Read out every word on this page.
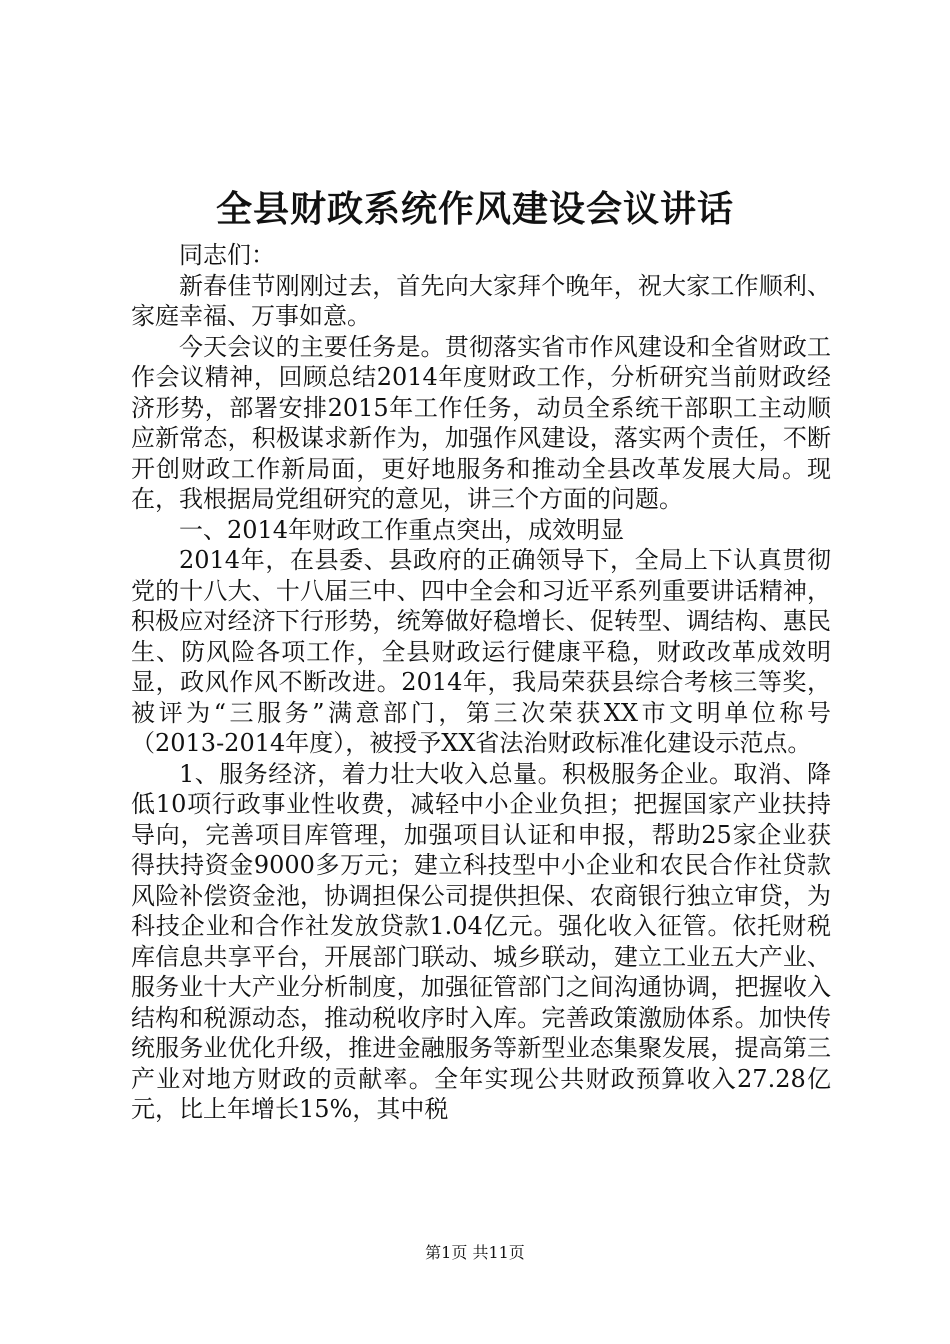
全县财政系统作风建设会议讲话

同志们：

新春佳节刚刚过去，首先向大家拜个晚年，祝大家工作顺利、家庭幸福、万事如意。

今天会议的主要任务是。贯彻落实省市作风建设和全省财政工作会议精神，回顾总结2014年度财政工作，分析研究当前财政经济形势，部署安排2015年工作任务，动员全系统干部职工主动顺应新常态，积极谋求新作为，加强作风建设，落实两个责任，不断开创财政工作新局面，更好地服务和推动全县改革发展大局。现在，我根据局党组研究的意见，讲三个方面的问题。

一、2014年财政工作重点突出，成效明显

2014年，在县委、县政府的正确领导下，全局上下认真贯彻党的十八大、十八届三中、四中全会和习近平系列重要讲话精神，积极应对经济下行形势，统筹做好稳增长、促转型、调结构、惠民生、防风险各项工作，全县财政运行健康平稳，财政改革成效明显，政风作风不断改进。2014年，我局荣获县综合考核三等奖，被评为“三服务”满意部门，第三次荣获XX市文明单位称号（2013-2014年度），被授予XX省法治财政标准化建设示范点。

1、服务经济，着力壮大收入总量。积极服务企业。取消、降低10项行政事业性收费，减轻中小企业负担；把握国家产业扶持导向，完善项目库管理，加强项目认证和申报，帮助25家企业获得扶持资金9000多万元；建立科技型中小企业和农民合作社贷款风险补偿资金池，协调担保公司提供担保、农商银行独立审贷，为科技企业和合作社发放贷款1.04亿元。强化收入征管。依托财税库信息共享平台，开展部门联动、城乡联动，建立工业五大产业、服务业十大产业分析制度，加强征管部门之间沟通协调，把握收入结构和税源动态，推动税收序时入库。完善政策激励体系。加快传统服务业优化升级，推进金融服务等新型业态集聚发展，提高第三产业对地方财政的贡献率。全年实现公共财政预算收入27.28亿元，比上年增长15%，其中税

第1页 共11页
